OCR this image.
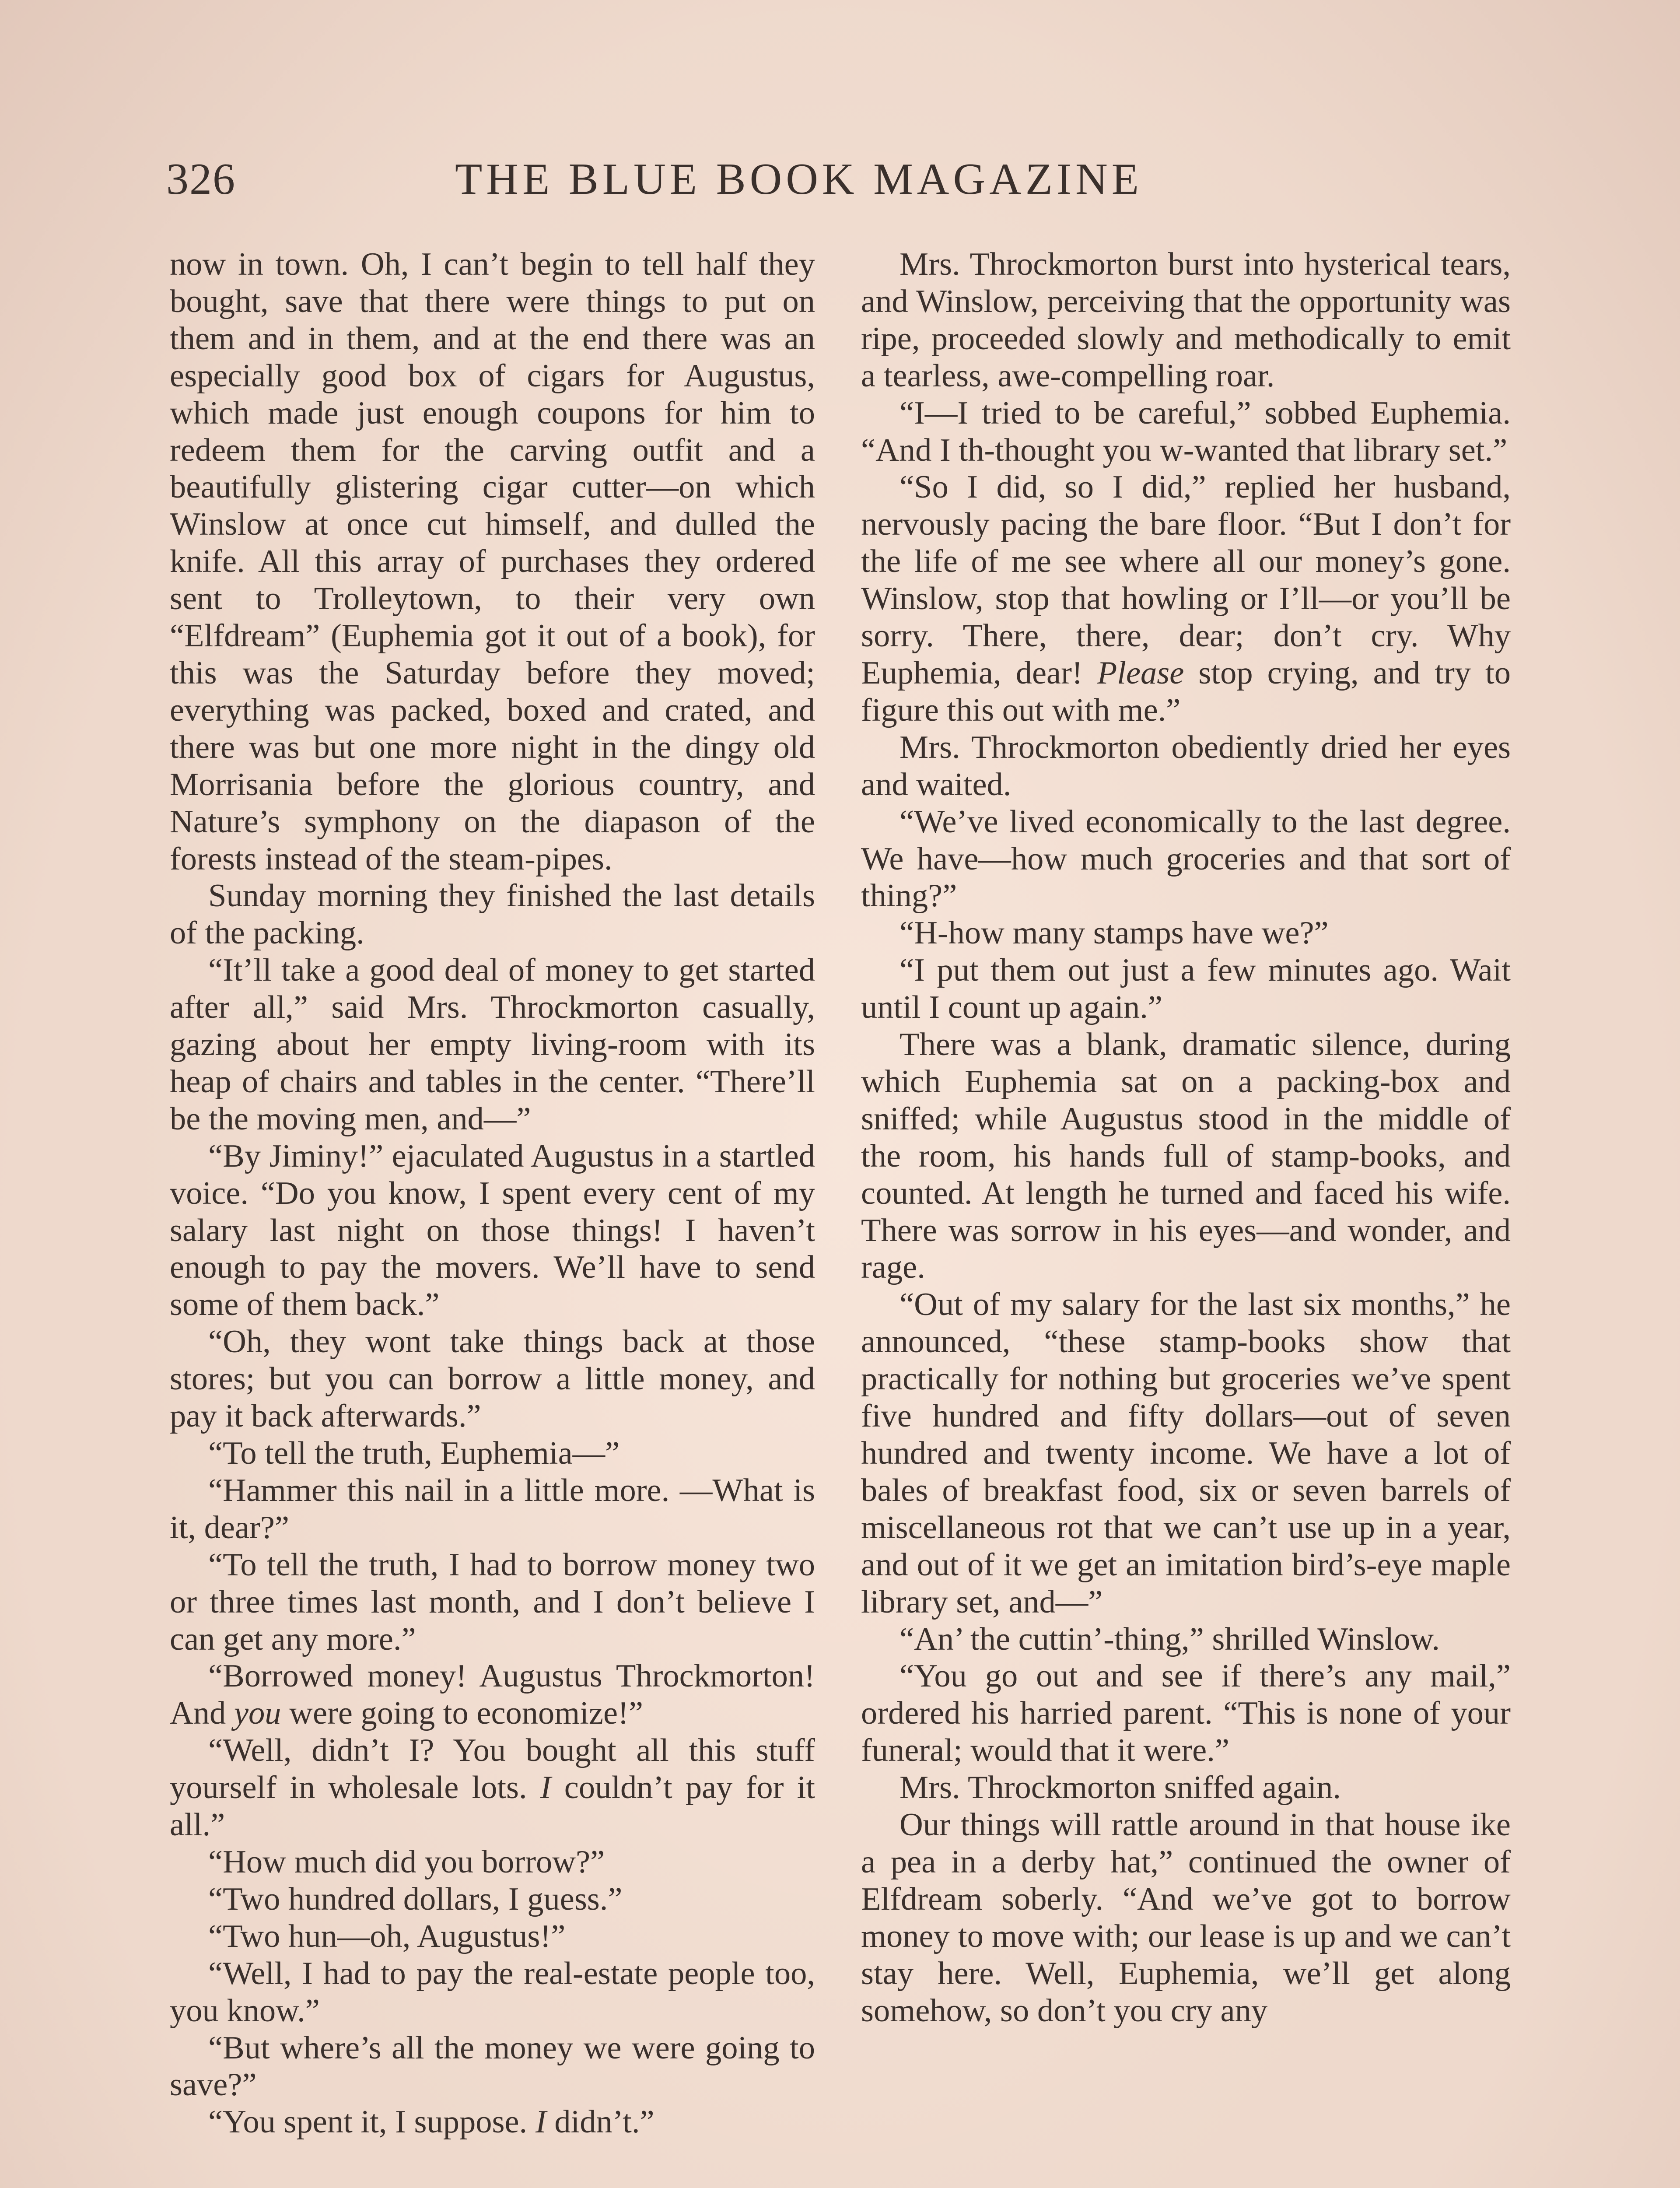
326	THE BLUE BOOK MAGAZINE

now in town. Oh, I can’t begin to tell half they bought, save that there were things to put on them and in them, and at the end there was an especially good box of cigars for Augustus, which made just enough coupons for him to redeem them for the carving outfit and a beautifully glistering cigar cutter—on which Winslow at once cut himself, and dulled the knife. All this array of purchases they ordered sent to Trolleytown, to their very own “Elfdream” (Euphemia got it out of a book), for this was the Saturday before they moved; everything was packed, boxed and crated, and there was but one more night in the dingy old Morrisania before the glorious country, and Nature’s symphony on the diapason of the forests instead of the steam-pipes.

Sunday morning they finished the last details of the packing.

“It’ll take a good deal of money to get started after all,” said Mrs. Throckmorton casually, gazing about her empty living-room with its heap of chairs and tables in the center. “There’ll be the moving men, and—”

“By Jiminy!” ejaculated Augustus in a startled voice. “Do you know, I spent every cent of my salary last night on those things! I haven’t enough to pay the movers. We’ll have to send some of them back.”

“Oh, they wont take things back at those stores; but you can borrow a little money, and pay it back afterwards.”

“To tell the truth, Euphemia—”

“Hammer this nail in a little more. —What is it, dear?”

“To tell the truth, I had to borrow money two or three times last month, and I don’t believe I can get any more.”

“Borrowed money! Augustus Throckmorton! And you were going to economize!”

“Well, didn’t I? You bought all this stuff yourself in wholesale lots. I couldn’t pay for it all.”

“How much did you borrow?”

“Two hundred dollars, I guess.”

“Two hun—oh, Augustus!”

“Well, I had to pay the real-estate people too, you know.”

“But where’s all the money we were going to save?”

“You spent it, I suppose. I didn’t.”

Mrs. Throckmorton burst into hysterical tears, and Winslow, perceiving that the opportunity was ripe, proceeded slowly and methodically to emit a tearless, awe-compelling roar.

“I—I tried to be careful,” sobbed Euphemia. “And I th-thought you w-wanted that library set.”

“So I did, so I did,” replied her husband, nervously pacing the bare floor. “But I don’t for the life of me see where all our money’s gone. Winslow, stop that howling or I’ll—or you’ll be sorry. There, there, dear; don’t cry. Why Euphemia, dear! Please stop crying, and try to figure this out with me.”

Mrs. Throckmorton obediently dried her eyes and waited.

“We’ve lived economically to the last degree. We have—how much groceries and that sort of thing?”

“H-how many stamps have we?”

“I put them out just a few minutes ago. Wait until I count up again.”

There was a blank, dramatic silence, during which Euphemia sat on a packing-box and sniffed; while Augustus stood in the middle of the room, his hands full of stamp-books, and counted. At length he turned and faced his wife. There was sorrow in his eyes—and wonder, and rage.

“Out of my salary for the last six months,” he announced, “these stamp-books show that practically for nothing but groceries we’ve spent five hundred and fifty dollars—out of seven hundred and twenty income. We have a lot of bales of breakfast food, six or seven barrels of miscellaneous rot that we can’t use up in a year, and out of it we get an imitation bird’s-eye maple library set, and—”

“An’ the cuttin’-thing,” shrilled Winslow.

“You go out and see if there’s any mail,” ordered his harried parent. “This is none of your funeral; would that it were.”

Mrs. Throckmorton sniffed again.

Our things will rattle around in that house ike a pea in a derby hat,” continued the owner of Elfdream soberly. “And we’ve got to borrow money to move with; our lease is up and we can’t stay here. Well, Euphemia, we’ll get along somehow, so don’t you cry any
